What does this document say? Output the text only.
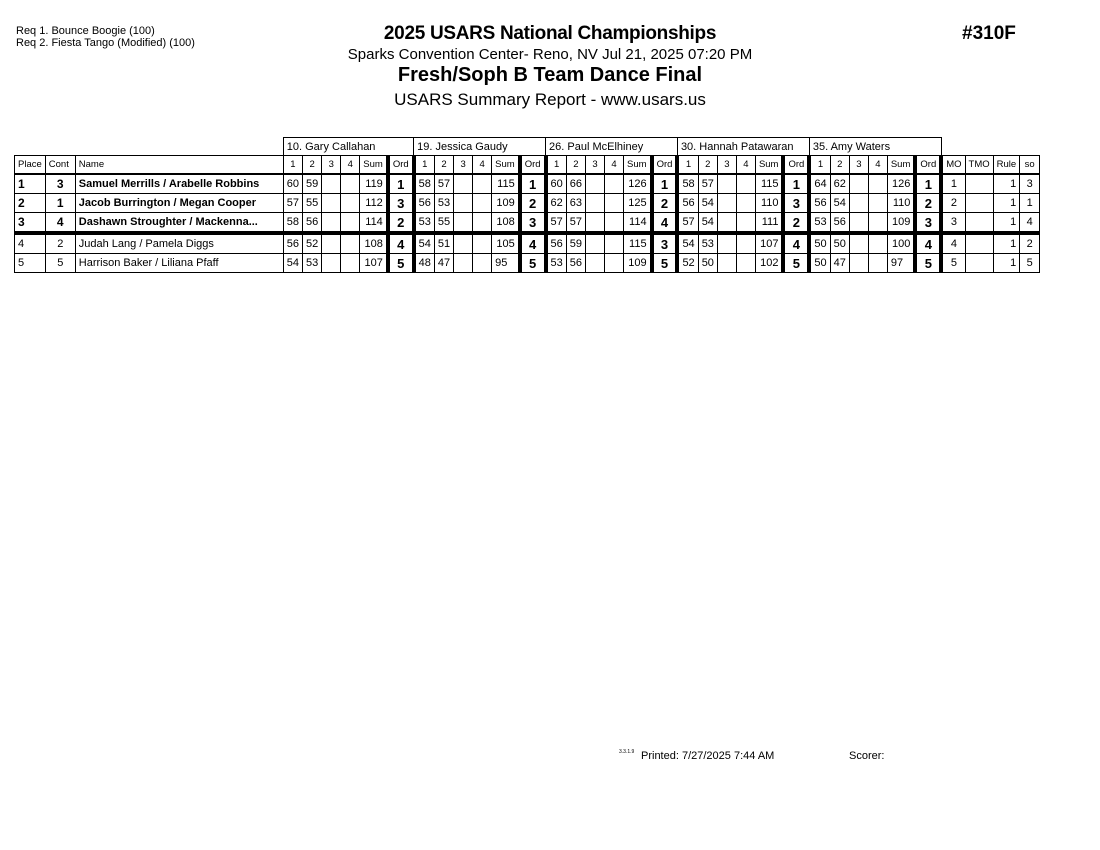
Req 1. Bounce Boogie (100)
Req 2. Fiesta Tango (Modified) (100)	2025 USARS National Championships
Sparks Convention Center- Reno, NV Jul 21, 2025 07:20 PM
Fresh/Soph B Team Dance Final
USARS Summary Report - www.usars.us
#310F
			10. Gary Callahan						19. Jessica Gaudy						26. Paul McElhiney						30. Hannah Patawaran						35. Amy Waters									
Place	Cont	Name	1	2	3	4	Sum	Ord	1	2	3	4	Sum	Ord	1	2	3	4	Sum	Ord	1	2	3	4	Sum	Ord	1	2	3	4	Sum	Ord	MO	TMO	Rule	so
1	3	Samuel Merrills / Arabelle Robbins	60	59			119	1	58	57			115	1	60	66			126	1	58	57			115	1	64	62			126	1	1		1	3
2	1	Jacob Burrington / Megan Cooper	57	55			112	3	56	53			109	2	62	63			125	2	56	54			110	3	56	54			110	2	2		1	1
3	4	Dashawn Stroughter / Mackenna...	58	56			114	2	53	55			108	3	57	57			114	4	57	54			111	2	53	56			109	3	3		1	4
4	2	Judah Lang / Pamela Diggs	56	52			108	4	54	51			105	4	56	59			115	3	54	53			107	4	50	50			100	4	4		1	2
5	5	Harrison Baker / Liliana Pfaff	54	53			107	5	48	47			95	5	53	56			109	5	52	50			102	5	50	47			97	5	5		1	5
3.3.1.9 Printed: 7/27/2025 7:44 AM	Scorer:
